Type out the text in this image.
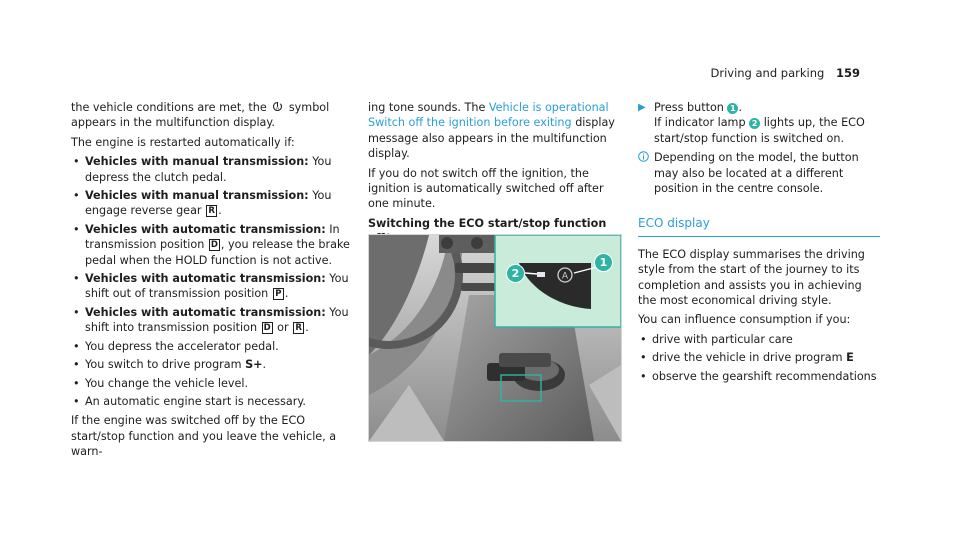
Driving and parking 159

the vehicle conditions are met, the A symbol appears in the multifunction display.

The engine is restarted automatically if:

• Vehicles with manual transmission: You depress the clutch pedal.
• Vehicles with manual transmission: You engage reverse gear R .
• Vehicles with automatic transmission: In transmission position D , you release the brake pedal when the HOLD function is not active.
• Vehicles with automatic transmission: You shift out of transmission position P .
• Vehicles with automatic transmission: You shift into transmission position D or R .
• You depress the accelerator pedal.
• You switch to drive program S+.
• You change the vehicle level.
• An automatic engine start is necessary.

If the engine was switched off by the ECO start/stop function and you leave the vehicle, a warn-

ing tone sounds. The Vehicle is operational Switch off the ignition before exiting display message also appears in the multifunction display.

If you do not switch off the ignition, the ignition is automatically switched off after one minute.

Switching the ECO start/stop function

A
1
2
▶ Press button 1 .
If indicator lamp 2 lights up, the ECO start/stop function is switched on.
Depending on the model, the button may also be located at a different position in the centre console.
ECO display

The ECO display summarises the driving style from the start of the journey to its completion and assists you in achieving the most economical driving style.

You can influence consumption if you:

• drive with particular care
• drive the vehicle in drive program E
• observe the gearshift recommendations
